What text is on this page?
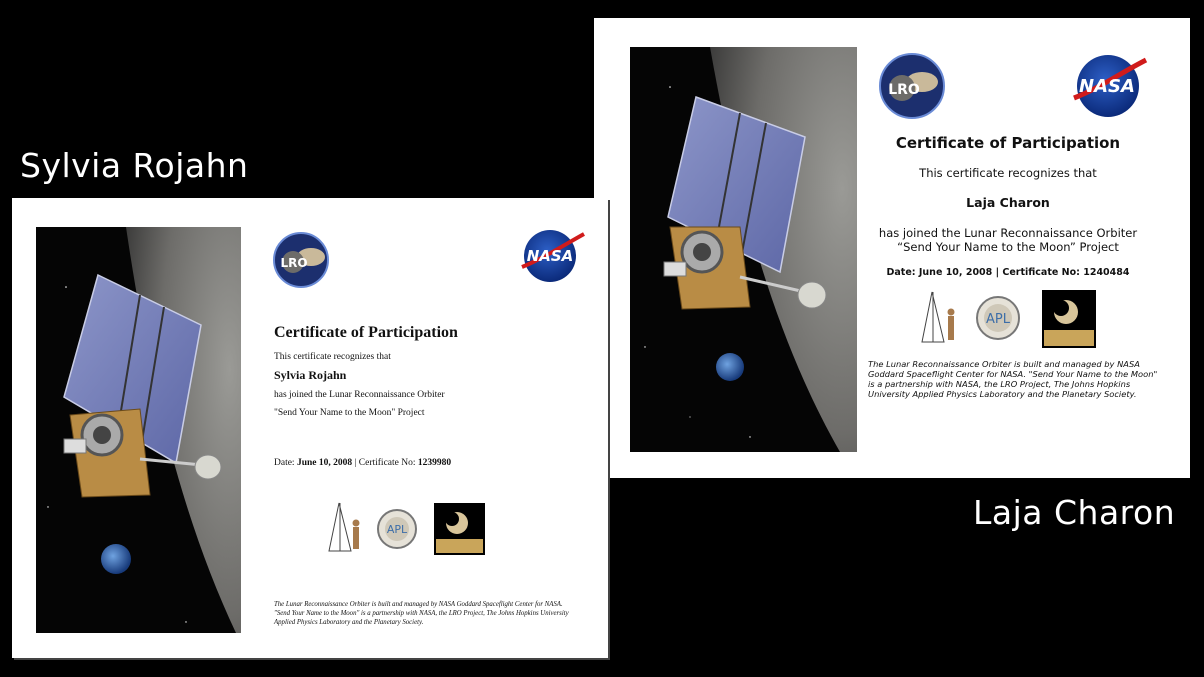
Sylvia Rojahn
Laja Charon
LRO	NASA
Certificate of Participation
This certificate recognizes that
Laja Charon
has joined the Lunar Reconnaissance Orbiter
“Send Your Name to the Moon” Project
Date: June 10, 2008 | Certificate No: 1240484
APL
The Lunar Reconnaissance Orbiter is built and managed by NASA Goddard Spaceflight Center for NASA. "Send Your Name to the Moon" is a partnership with NASA, the LRO Project, The Johns Hopkins University Applied Physics Laboratory and the Planetary Society.
LRO	NASA
Certificate of Participation
This certificate recognizes that
Sylvia Rojahn
has joined the Lunar Reconnaissance Orbiter
"Send Your Name to the Moon" Project
Date: June 10, 2008 | Certificate No: 1239980
APL
The Lunar Reconnaissance Orbiter is built and managed by NASA Goddard Spaceflight Center for NASA. "Send Your Name to the Moon" is a partnership with NASA, the LRO Project, The Johns Hopkins University Applied Physics Laboratory and the Planetary Society.
